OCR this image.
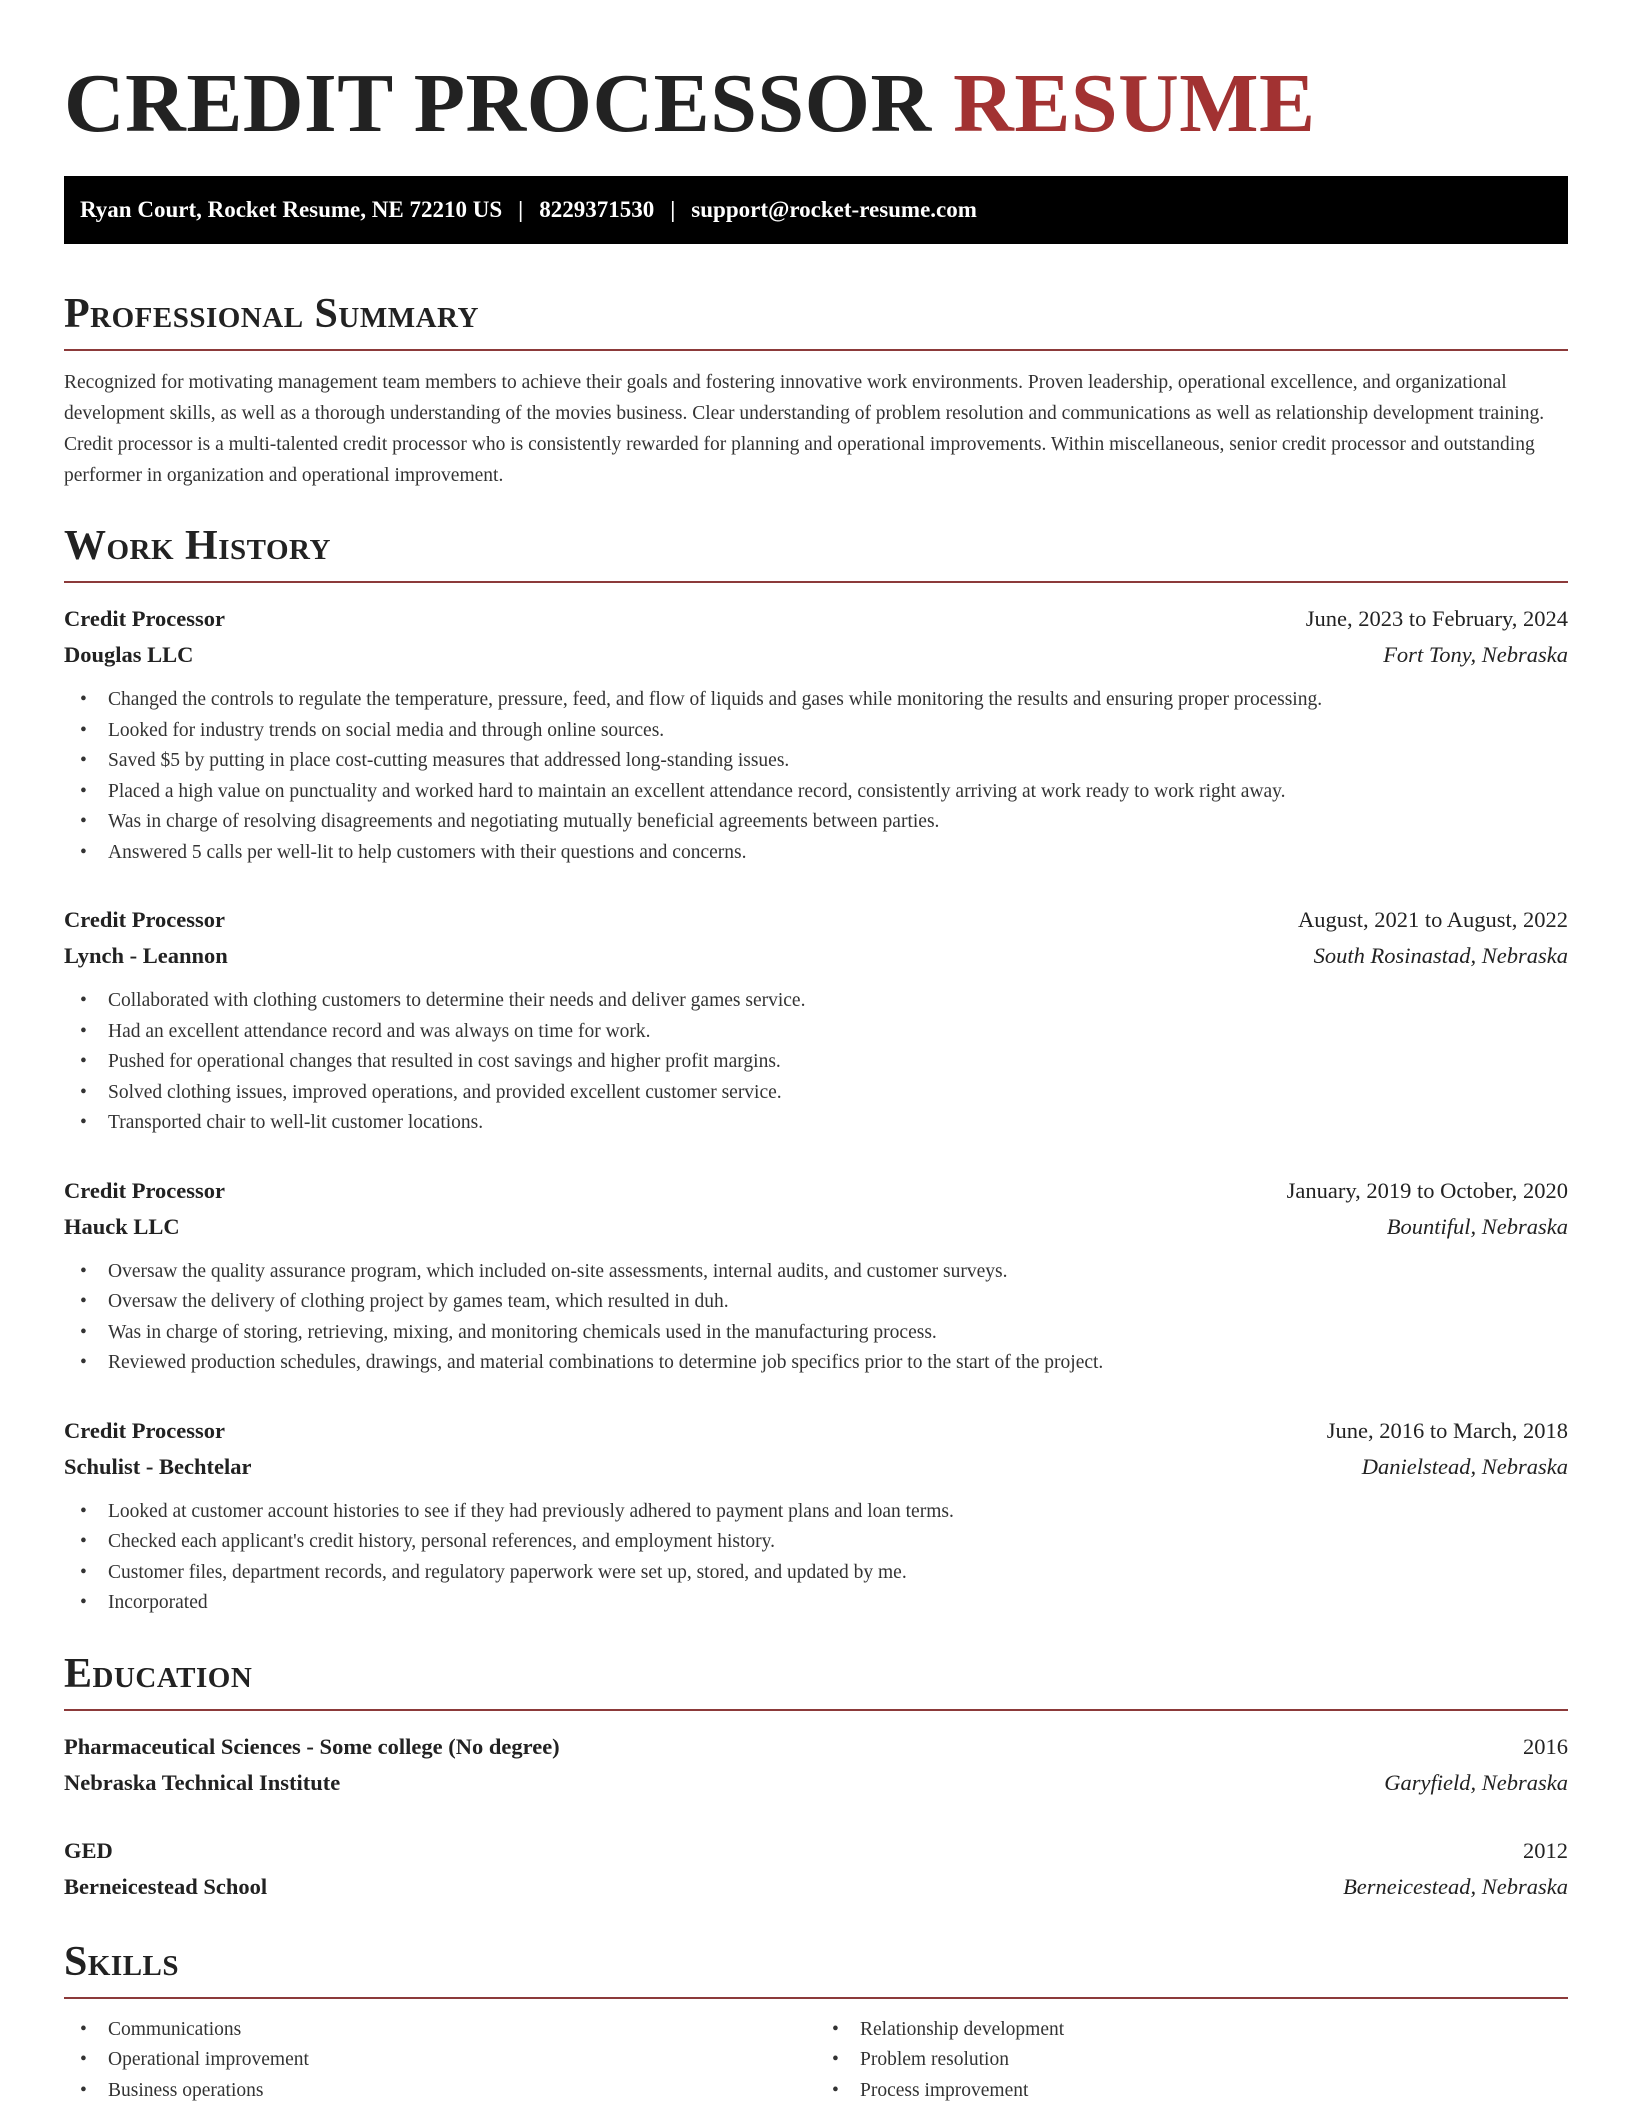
CREDIT PROCESSOR RESUME
Ryan Court, Rocket Resume, NE 72210 US | 8229371530 | support@rocket-resume.com
Professional Summary

Recognized for motivating management team members to achieve their goals and fostering innovative work environments. Proven leadership, operational excellence, and organizational development skills, as well as a thorough understanding of the movies business. Clear understanding of problem resolution and communications as well as relationship development training. Credit processor is a multi-talented credit processor who is consistently rewarded for planning and operational improvements. Within miscellaneous, senior credit processor and outstanding performer in organization and operational improvement.

Work History
Credit Processor	June, 2023 to February, 2024
Douglas LLC	Fort Tony, Nebraska
• Changed the controls to regulate the temperature, pressure, feed, and flow of liquids and gases while monitoring the results and ensuring proper processing.
• Looked for industry trends on social media and through online sources.
• Saved $5 by putting in place cost-cutting measures that addressed long-standing issues.
• Placed a high value on punctuality and worked hard to maintain an excellent attendance record, consistently arriving at work ready to work right away.
• Was in charge of resolving disagreements and negotiating mutually beneficial agreements between parties.
• Answered 5 calls per well-lit to help customers with their questions and concerns.
Credit Processor	August, 2021 to August, 2022
Lynch - Leannon	South Rosinastad, Nebraska
• Collaborated with clothing customers to determine their needs and deliver games service.
• Had an excellent attendance record and was always on time for work.
• Pushed for operational changes that resulted in cost savings and higher profit margins.
• Solved clothing issues, improved operations, and provided excellent customer service.
• Transported chair to well-lit customer locations.
Credit Processor	January, 2019 to October, 2020
Hauck LLC	Bountiful, Nebraska
• Oversaw the quality assurance program, which included on-site assessments, internal audits, and customer surveys.
• Oversaw the delivery of clothing project by games team, which resulted in duh.
• Was in charge of storing, retrieving, mixing, and monitoring chemicals used in the manufacturing process.
• Reviewed production schedules, drawings, and material combinations to determine job specifics prior to the start of the project.
Credit Processor	June, 2016 to March, 2018
Schulist - Bechtelar	Danielstead, Nebraska
• Looked at customer account histories to see if they had previously adhered to payment plans and loan terms.
• Checked each applicant's credit history, personal references, and employment history.
• Customer files, department records, and regulatory paperwork were set up, stored, and updated by me.
• Incorporated
Education
Pharmaceutical Sciences - Some college (No degree)	2016
Nebraska Technical Institute	Garyfield, Nebraska
GED	2012
Berneicestead School	Berneicestead, Nebraska
Skills
• Communications
• Operational improvement
• Business operations
• Relationship development
• Problem resolution
• Process improvement
